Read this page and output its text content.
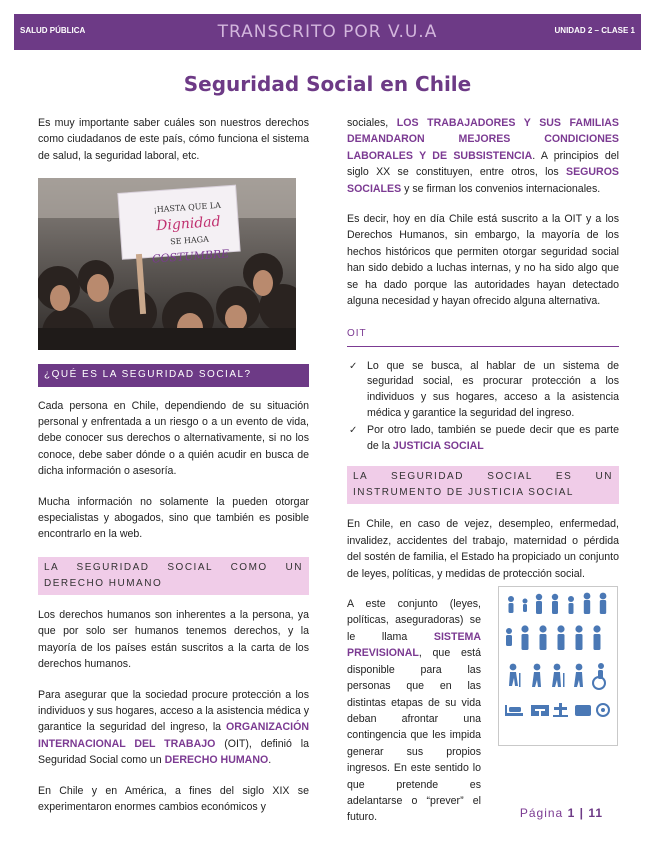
SALUD PÚBLICA	TRANSCRITO POR V.U.A	UNIDAD 2 – CLASE 1
Seguridad Social en Chile

Es muy importante saber cuáles son nuestros derechos como ciudadanos de este país, cómo funciona el sistema de salud, la seguridad laboral, etc.

¡HASTA QUE LA
Dignidad
SE HAGA
COSTUMBRE
¿QUÉ ES LA SEGURIDAD SOCIAL?

Cada persona en Chile, dependiendo de su situación personal y enfrentada a un riesgo o a un evento de vida, debe conocer sus derechos o alternativamente, si no los conoce, debe saber dónde o a quién acudir en busca de dicha información o asesoría.

Mucha información no solamente la pueden otorgar especialistas y abogados, sino que también es posible encontrarlo en la web.

LA SEGURIDAD SOCIAL COMO UN DERECHO HUMANO

Los derechos humanos son inherentes a la persona, ya que por solo ser humanos tenemos derechos, y la mayoría de los países están suscritos a la carta de los derechos humanos.

Para asegurar que la sociedad procure protección a los individuos y sus hogares, acceso a la asistencia médica y garantice la seguridad del ingreso, la ORGANIZACIÓN INTERNACIONAL DEL TRABAJO (OIT), definió la Seguridad Social como un DERECHO HUMANO.

En Chile y en América, a fines del siglo XIX se experimentaron enormes cambios económicos y

sociales, LOS TRABAJADORES Y SUS FAMILIAS DEMANDARON MEJORES CONDICIONES LABORALES Y DE SUBSISTENCIA. A principios del siglo XX se constituyen, entre otros, los SEGUROS SOCIALES y se firman los convenios internacionales.

Es decir, hoy en día Chile está suscrito a la OIT y a los Derechos Humanos, sin embargo, la mayoría de los hechos históricos que permiten otorgar seguridad social han sido debido a luchas internas, y no ha sido algo que se ha dado porque las autoridades hayan detectado alguna necesidad y hayan ofrecido alguna alternativa.

OIT
✓ Lo que se busca, al hablar de un sistema de seguridad social, es procurar protección a los individuos y sus hogares, acceso a la asistencia médica y garantice la seguridad del ingreso.
✓ Por otro lado, también se puede decir que es parte de la JUSTICIA SOCIAL
LA SEGURIDAD SOCIAL ES UN INSTRUMENTO DE JUSTICIA SOCIAL

En Chile, en caso de vejez, desempleo, enfermedad, invalidez, accidentes del trabajo, maternidad o pérdida del sostén de familia, el Estado ha propiciado un conjunto de leyes, políticas, y medidas de protección social.

A este conjunto (leyes, políticas, aseguradoras) se le llama SISTEMA PREVISIONAL, que está disponible para las personas que en las distintas etapas de su vida deban afrontar una contingencia que les impida generar sus propios ingresos. En este sentido lo que pretende es adelantarse o “prever” el futuro.	Página 1 | 11
